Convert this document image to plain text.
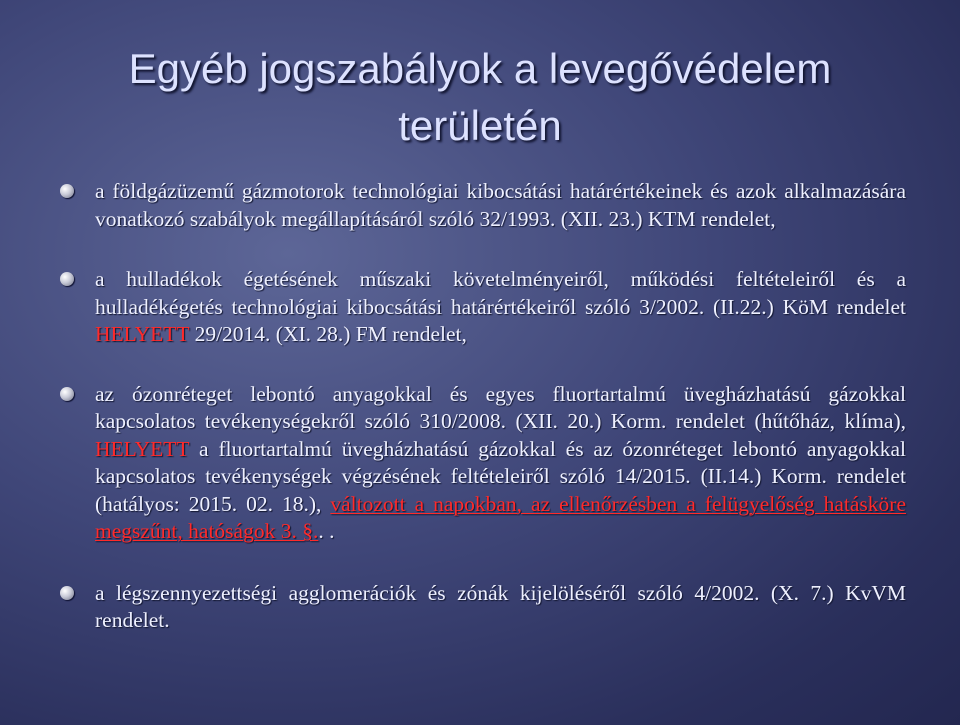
Egyéb jogszabályok a levegővédelem
területén

a földgázüzemű gázmotorok technológiai kibocsátási határértékeinek és azok alkalmazására vonatkozó szabályok megállapításáról szóló 32/1993. (XII. 23.) KTM rendelet,

a hulladékok égetésének műszaki követelményeiről, működési feltételeiről és a hulladékégetés technológiai kibocsátási határértékeiről szóló 3/2002. (II.22.) KöM rendelet HELYETT 29/2014. (XI. 28.) FM rendelet,

az ózonréteget lebontó anyagokkal és egyes fluortartalmú üvegházhatású gázokkal kapcsolatos tevékenységekről szóló 310/2008. (XII. 20.) Korm. rendelet (hűtőház, klíma), HELYETT a fluortartalmú üvegházhatású gázokkal és az ózonréteget lebontó anyagokkal kapcsolatos tevékenységek végzésének feltételeiről szóló 14/2015. (II.14.) Korm. rendelet (hatályos: 2015. 02. 18.), változott a napokban, az ellenőrzésben a felügyelőség hatásköre megszűnt, hatóságok 3. §.. .

a légszennyezettségi agglomerációk és zónák kijelöléséről szóló 4/2002. (X. 7.) KvVM rendelet.
